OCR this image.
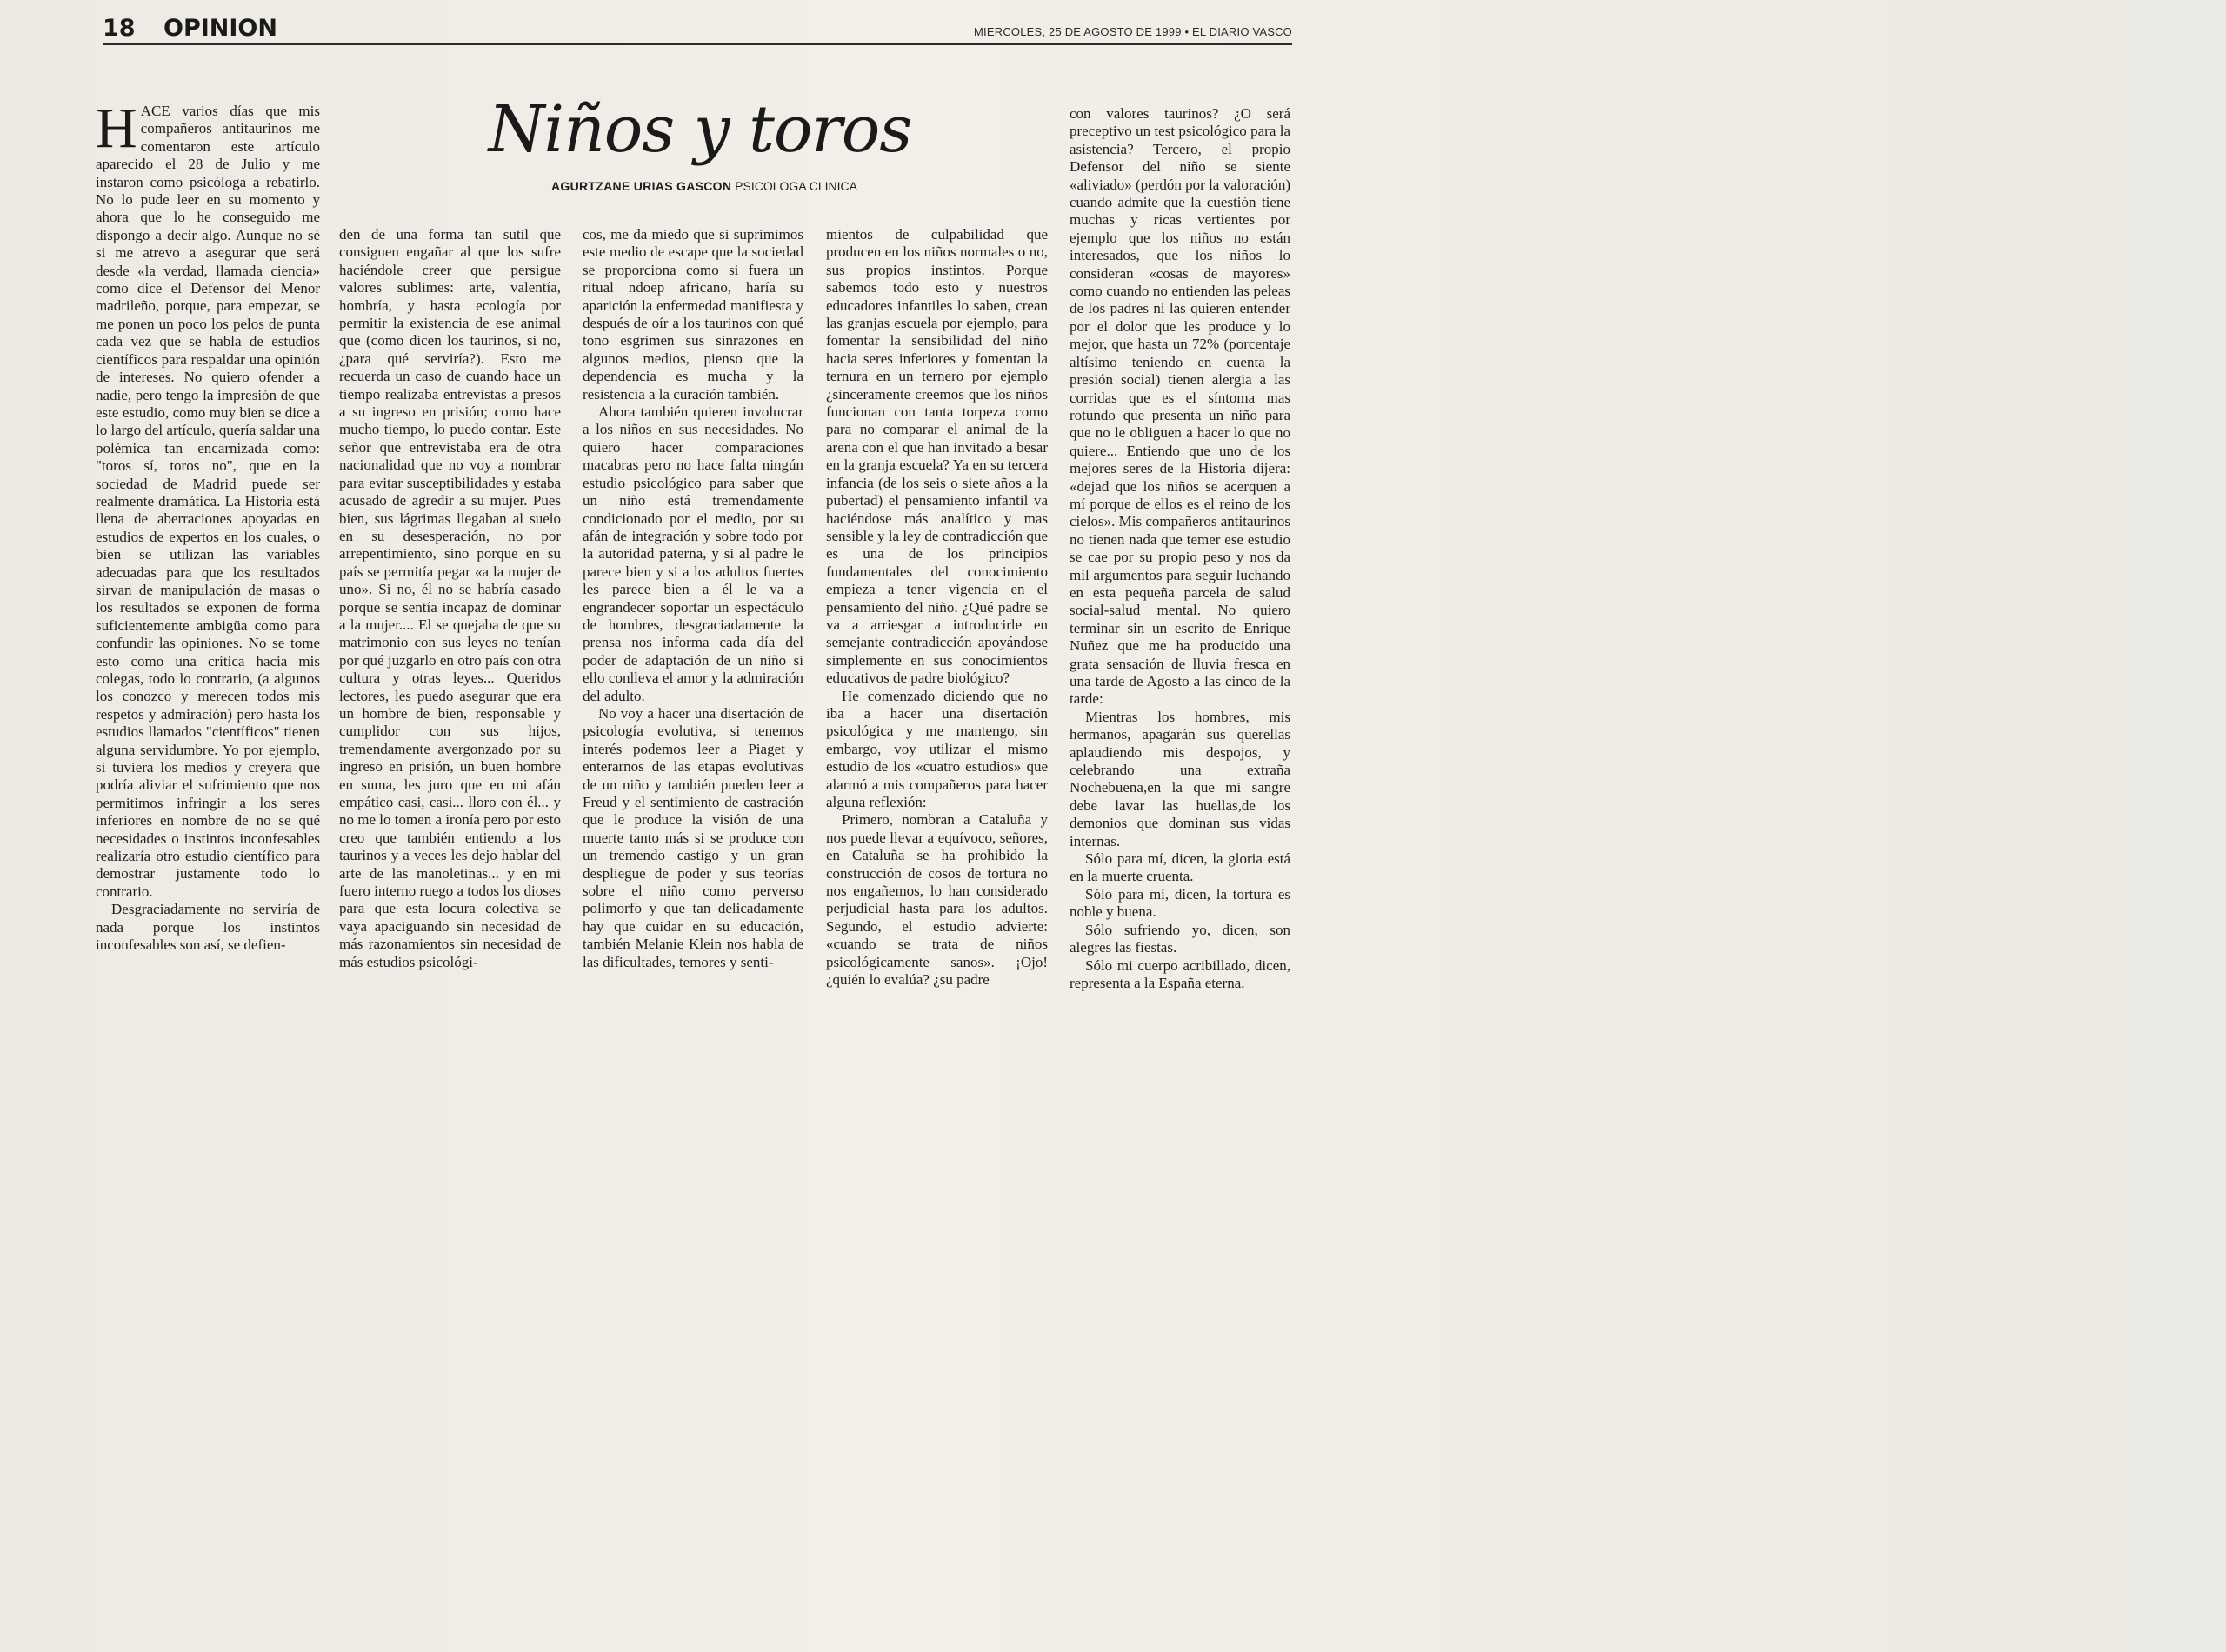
18 OPINION	MIERCOLES, 25 DE AGOSTO DE 1999 • EL DIARIO VASCO
Niños y toros
AGURTZANE URIAS GASCON PSICOLOGA CLINICA

HACE varios días que mis compañeros antitaurinos me comentaron este artículo aparecido el 28 de Julio y me instaron como psicóloga a rebatirlo. No lo pude leer en su momento y ahora que lo he conseguido me dispongo a decir algo. Aunque no sé si me atrevo a asegurar que será desde «la verdad, llamada ciencia» como dice el Defensor del Menor madrileño, porque, para empezar, se me ponen un poco los pelos de punta cada vez que se habla de estudios científicos para respaldar una opinión de intereses. No quiero ofender a nadie, pero tengo la impresión de que este estudio, como muy bien se dice a lo largo del artículo, quería saldar una polémica tan encarnizada como: "toros sí, toros no", que en la sociedad de Madrid puede ser realmente dramática. La Historia está llena de aberraciones apoyadas en estudios de expertos en los cuales, o bien se utilizan las variables adecuadas para que los resultados sirvan de manipulación de masas o los resultados se exponen de forma suficientemente ambigüa como para confundir las opiniones. No se tome esto como una crítica hacia mis colegas, todo lo contrario, (a algunos los conozco y merecen todos mis respetos y admiración) pero hasta los estudios llamados "científicos" tienen alguna servidumbre. Yo por ejemplo, si tuviera los medios y creyera que podría aliviar el sufrimiento que nos permitimos infringir a los seres inferiores en nombre de no se qué necesidades o instintos inconfesables realizaría otro estudio científico para demostrar justamente todo lo contrario.

Desgraciadamente no serviría de nada porque los instintos inconfesables son así, se defien-

den de una forma tan sutil que consiguen engañar al que los sufre haciéndole creer que persigue valores sublimes: arte, valentía, hombría, y hasta ecología por permitir la existencia de ese animal que (como dicen los taurinos, si no, ¿para qué serviría?). Esto me recuerda un caso de cuando hace un tiempo realizaba entrevistas a presos a su ingreso en prisión; como hace mucho tiempo, lo puedo contar. Este señor que entrevistaba era de otra nacionalidad que no voy a nombrar para evitar susceptibilidades y estaba acusado de agredir a su mujer. Pues bien, sus lágrimas llegaban al suelo en su desesperación, no por arrepentimiento, sino porque en su país se permitía pegar «a la mujer de uno». Si no, él no se habría casado porque se sentía incapaz de dominar a la mujer.... El se quejaba de que su matrimonio con sus leyes no tenían por qué juzgarlo en otro país con otra cultura y otras leyes... Queridos lectores, les puedo asegurar que era un hombre de bien, responsable y cumplidor con sus hijos, tremendamente avergonzado por su ingreso en prisión, un buen hombre en suma, les juro que en mi afán empático casi, casi... lloro con él... y no me lo tomen a ironía pero por esto creo que también entiendo a los taurinos y a veces les dejo hablar del arte de las manoletinas... y en mi fuero interno ruego a todos los dioses para que esta locura colectiva se vaya apaciguando sin necesidad de más razonamientos sin necesidad de más estudios psicológi-

cos, me da miedo que si suprimimos este medio de escape que la sociedad se proporciona como si fuera un ritual ndoep africano, haría su aparición la enfermedad manifiesta y después de oír a los taurinos con qué tono esgrimen sus sinrazones en algunos medios, pienso que la dependencia es mucha y la resistencia a la curación también.

Ahora también quieren involucrar a los niños en sus necesidades. No quiero hacer comparaciones macabras pero no hace falta ningún estudio psicológico para saber que un niño está tremendamente condicionado por el medio, por su afán de integración y sobre todo por la autoridad paterna, y si al padre le parece bien y si a los adultos fuertes les parece bien a él le va a engrandecer soportar un espectáculo de hombres, desgraciadamente la prensa nos informa cada día del poder de adaptación de un niño si ello conlleva el amor y la admiración del adulto.

No voy a hacer una disertación de psicología evolutiva, si tenemos interés podemos leer a Piaget y enterarnos de las etapas evolutivas de un niño y también pueden leer a Freud y el sentimiento de castración que le produce la visión de una muerte tanto más si se produce con un tremendo castigo y un gran despliegue de poder y sus teorías sobre el niño como perverso polimorfo y que tan delicadamente hay que cuidar en su educación, también Melanie Klein nos habla de las dificultades, temores y senti-

mientos de culpabilidad que producen en los niños normales o no, sus propios instintos. Porque sabemos todo esto y nuestros educadores infantiles lo saben, crean las granjas escuela por ejemplo, para fomentar la sensibilidad del niño hacia seres inferiores y fomentan la ternura en un ternero por ejemplo ¿sinceramente creemos que los niños funcionan con tanta torpeza como para no comparar el animal de la arena con el que han invitado a besar en la granja escuela? Ya en su tercera infancia (de los seis o siete años a la pubertad) el pensamiento infantil va haciéndose más analítico y mas sensible y la ley de contradicción que es una de los principios fundamentales del conocimiento empieza a tener vigencia en el pensamiento del niño. ¿Qué padre se va a arriesgar a introducirle en semejante contradicción apoyándose simplemente en sus conocimientos educativos de padre biológico?

He comenzado diciendo que no iba a hacer una disertación psicológica y me mantengo, sin embargo, voy utilizar el mismo estudio de los «cuatro estudios» que alarmó a mis compañeros para hacer alguna reflexión:

Primero, nombran a Cataluña y nos puede llevar a equívoco, señores, en Cataluña se ha prohibido la construcción de cosos de tortura no nos engañemos, lo han considerado perjudicial hasta para los adultos. Segundo, el estudio advierte: «cuando se trata de niños psicológicamente sanos». ¡Ojo! ¿quién lo evalúa? ¿su padre

con valores taurinos? ¿O será preceptivo un test psicológico para la asistencia? Tercero, el propio Defensor del niño se siente «aliviado» (perdón por la valoración) cuando admite que la cuestión tiene muchas y ricas vertientes por ejemplo que los niños no están interesados, que los niños lo consideran «cosas de mayores» como cuando no entienden las peleas de los padres ni las quieren entender por el dolor que les produce y lo mejor, que hasta un 72% (porcentaje altísimo teniendo en cuenta la presión social) tienen alergia a las corridas que es el síntoma mas rotundo que presenta un niño para que no le obliguen a hacer lo que no quiere... Entiendo que uno de los mejores seres de la Historia dijera: «dejad que los niños se acerquen a mí porque de ellos es el reino de los cielos». Mis compañeros antitaurinos no tienen nada que temer ese estudio se cae por su propio peso y nos da mil argumentos para seguir luchando en esta pequeña parcela de salud social-salud mental. No quiero terminar sin un escrito de Enrique Nuñez que me ha producido una grata sensación de lluvia fresca en una tarde de Agosto a las cinco de la tarde:

Mientras los hombres, mis hermanos, apagarán sus querellas aplaudiendo mis despojos, y celebrando una extraña Nochebuena,en la que mi sangre debe lavar las huellas,de los demonios que dominan sus vidas internas.

Sólo para mí, dicen, la gloria está en la muerte cruenta.

Sólo para mí, dicen, la tortura es noble y buena.

Sólo sufriendo yo, dicen, son alegres las fiestas.

Sólo mi cuerpo acribillado, dicen, representa a la España eterna.
